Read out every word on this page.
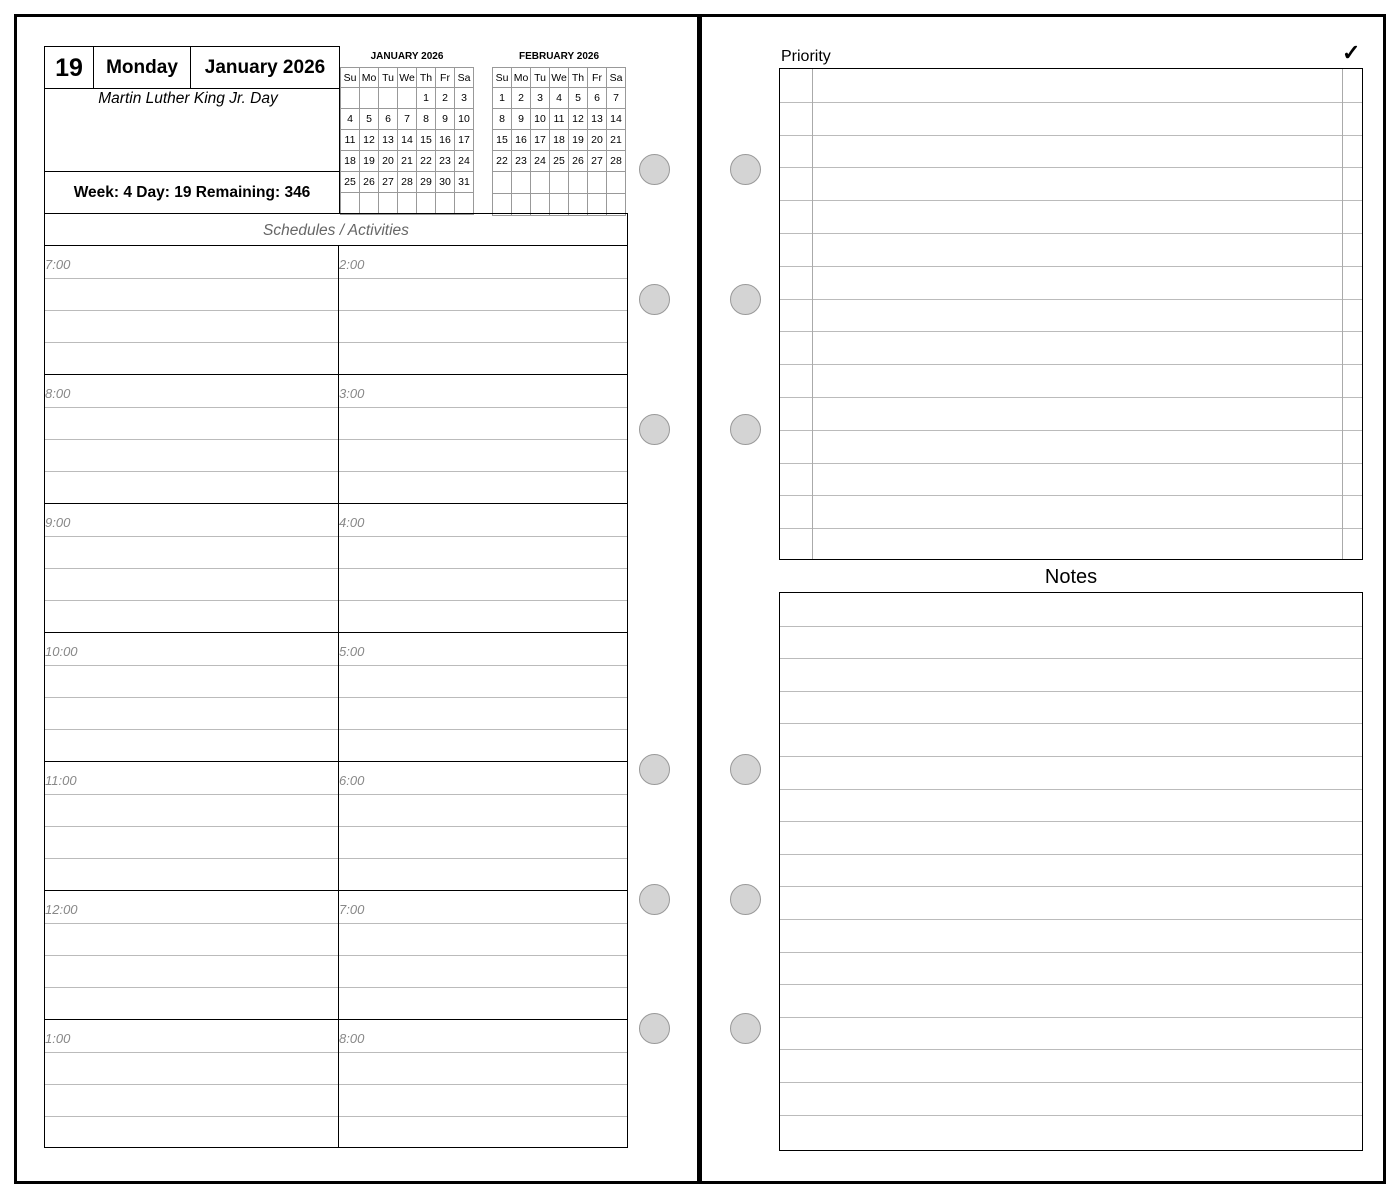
19	Monday	January 2026
Martin Luther King Jr. Day
Week: 4 Day: 19 Remaining: 346
JANUARY 2026
Su	Mo	Tu	We	Th	Fr	Sa
				1	2	3
4	5	6	7	8	9	10
11	12	13	14	15	16	17
18	19	20	21	22	23	24
25	26	27	28	29	30	31

FEBRUARY 2026
Su	Mo	Tu	We	Th	Fr	Sa
1	2	3	4	5	6	7
8	9	10	11	12	13	14
15	16	17	18	19	20	21
22	23	24	25	26	27	28

Schedules / Activities
7:00
8:00
9:00
10:00
11:00
12:00
1:00
2:00
3:00
4:00
5:00
6:00
7:00
8:00
Priority	✓
Notes
